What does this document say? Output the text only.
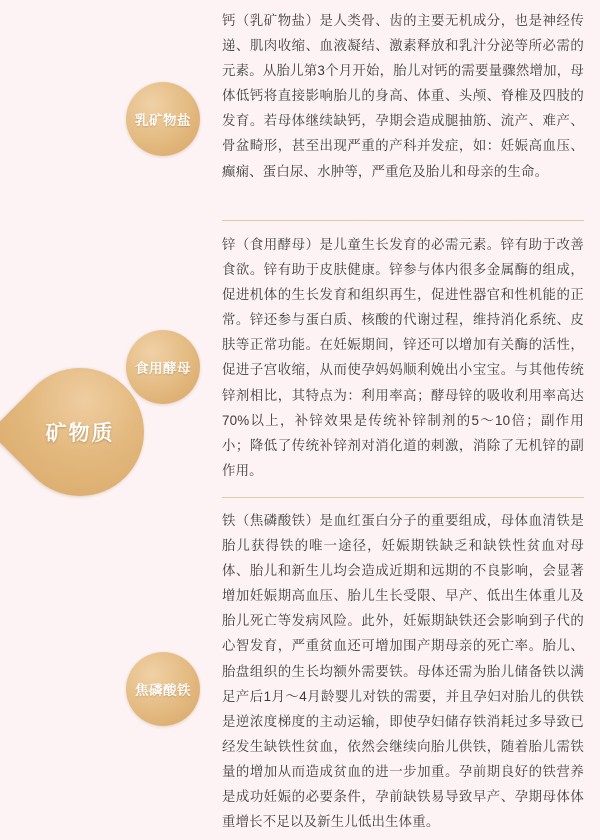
矿物质
乳矿物盐
食用酵母
焦磷酸铁
钙（乳矿物盐）是人类骨、齿的主要无机成分，也是神经传递、肌肉收缩、血液凝结、激素释放和乳汁分泌等所必需的元素。从胎儿第3个月开始，胎儿对钙的需要量骤然增加，母体低钙将直接影响胎儿的身高、体重、头颅、脊椎及四肢的发育。若母体继续缺钙，孕期会造成腿抽筋、流产、难产、骨盆畸形，甚至出现严重的产科并发症，如：妊娠高血压、癫痫、蛋白尿、水肿等，严重危及胎儿和母亲的生命。
锌（食用酵母）是儿童生长发育的必需元素。锌有助于改善食欲。锌有助于皮肤健康。锌参与体内很多金属酶的组成，促进机体的生长发育和组织再生，促进性器官和性机能的正常。锌还参与蛋白质、核酸的代谢过程，维持消化系统、皮肤等正常功能。在妊娠期间，锌还可以增加有关酶的活性，促进子宫收缩，从而使孕妈妈顺利娩出小宝宝。与其他传统锌剂相比，其特点为：利用率高；酵母锌的吸收利用率高达70%以上，补锌效果是传统补锌制剂的5～10倍；副作用小；降低了传统补锌剂对消化道的刺激，消除了无机锌的副作用。
铁（焦磷酸铁）是血红蛋白分子的重要组成，母体血清铁是胎儿获得铁的唯一途径，妊娠期铁缺乏和缺铁性贫血对母体、胎儿和新生儿均会造成近期和远期的不良影响，会显著增加妊娠期高血压、胎儿生长受限、早产、低出生体重儿及胎儿死亡等发病风险。此外，妊娠期缺铁还会影响到子代的心智发育，严重贫血还可增加围产期母亲的死亡率。胎儿、胎盘组织的生长均额外需要铁。母体还需为胎儿储备铁以满足产后1月～4月龄婴儿对铁的需要，并且孕妇对胎儿的供铁是逆浓度梯度的主动运输，即使孕妇储存铁消耗过多导致已经发生缺铁性贫血，依然会继续向胎儿供铁，随着胎儿需铁量的增加从而造成贫血的进一步加重。孕前期良好的铁营养是成功妊娠的必要条件，孕前缺铁易导致早产、孕期母体体重增长不足以及新生儿低出生体重。
